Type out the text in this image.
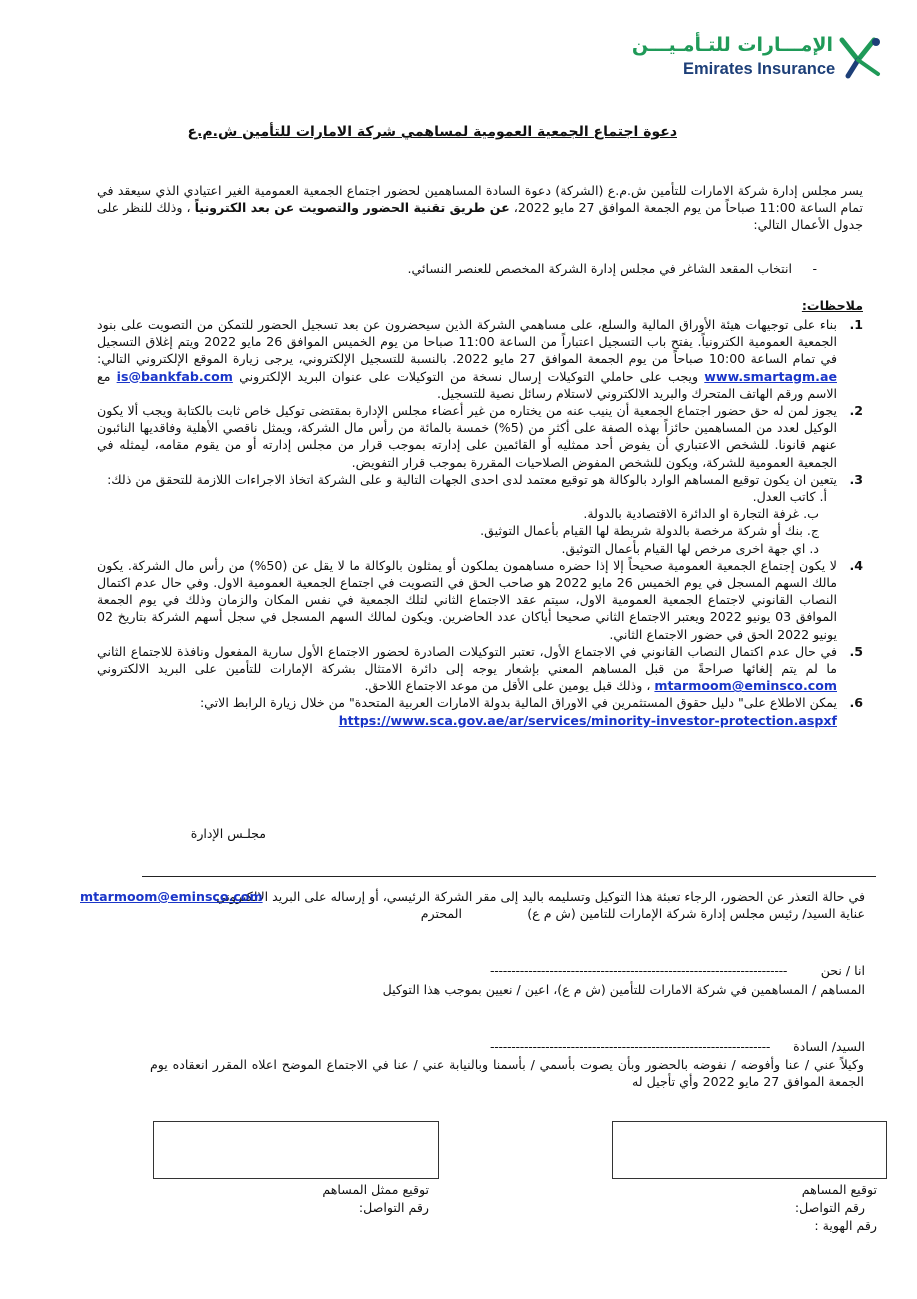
الإمـــارات للتـأمـيـــن
Emirates Insurance
دعوة اجتماع الجمعية العمومية لمساهمي شركة الامارات للتأمين ش.م.ع
يسر مجلس إدارة شركة الامارات للتأمين ش.م.ع (الشركة) دعوة السادة المساهمين لحضور اجتماع الجمعية العمومية الغير اعتيادي الذي سيعقد في تمام الساعة 11:00 صباحاً من يوم الجمعة الموافق 27 مايو 2022، عن طريق تقنية الحضور والتصويت عن بعد الكترونياً ، وذلك للنظر على جدول الأعمال التالي:
-
انتخاب المقعد الشاغر في مجلس إدارة الشركة المخصص للعنصر النسائي.
ملاحظات:
1.
بناء على توجيهات هيئة الأوراق المالية والسلع، على مساهمي الشركة الذين سيحضرون عن بعد تسجيل الحضور للتمكن من التصويت على بنود الجمعية العمومية الكترونياً. يفتح باب التسجيل اعتباراً من الساعة 11:00 صباحا من يوم الخميس الموافق 26 مايو 2022 ويتم إغلاق التسجيل في تمام الساعة 10:00 صباحاً من يوم الجمعة الموافق 27 مايو 2022. بالنسبة للتسجيل الإلكتروني، يرجى زيارة الموقع الإلكتروني التالي: www.smartagm.ae ويجب على حاملي التوكيلات إرسال نسخة من التوكيلات على عنوان البريد الإلكتروني is@bankfab.com مع الاسم ورقم الهاتف المتحرك والبريد الالكتروني لاستلام رسائل نصية للتسجيل.
2.
يجوز لمن له حق حضور اجتماع الجمعية أن ينيب عنه من يختاره من غير أعضاء مجلس الإدارة بمقتضى توكيل خاص ثابت بالكتابة ويجب ألا يكون الوكيل لعدد من المساهمين حائزاً بهذه الصفة على أكثر من (5%) خمسة بالمائة من رأس مال الشركة، ويمثل ناقصي الأهلية وفاقديها النائبون عنهم قانونا. للشخص الاعتباري أن يفوض أحد ممثليه أو القائمين على إدارته بموجب قرار من مجلس إدارته أو من يقوم مقامه، ليمثله في الجمعية العمومية للشركة، ويكون للشخص المفوض الصلاحيات المقررة بموجب قرار التفويض.
3.
يتعين ان يكون توقيع المساهم الوارد بالوكالة هو توقيع معتمد لدى احدى الجهات التالية و على الشركة اتخاذ الاجراءات اللازمة للتحقق من ذلك:
أ. كاتب العدل.
ب. غرفة التجارة او الدائرة الاقتصادية بالدولة.
ج. بنك أو شركة مرخصة بالدولة شريطة لها القيام بأعمال التوثيق.
د. اي جهة اخرى مرخص لها القيام بأعمال التوثيق.
4.
لا يكون إجتماع الجمعية العمومية صحيحاً إلا إذا حضره مساهمون يملكون أو يمثلون بالوكالة ما لا يقل عن (50%) من رأس مال الشركة. يكون مالك السهم المسجل في يوم الخميس 26 مايو 2022 هو صاحب الحق في التصويت في اجتماع الجمعية العمومية الاول. وفي حال عدم اكتمال النصاب القانوني لاجتماع الجمعية العمومية الاول، سيتم عقد الاجتماع الثاني لتلك الجمعية في نفس المكان والزمان وذلك في يوم الجمعة الموافق 03 يونيو 2022 ويعتبر الاجتماع الثاني صحيحا أياكان عدد الحاضرين. ويكون لمالك السهم المسجل في سجل أسهم الشركة بتاريخ 02 يونيو 2022 الحق في حضور الاجتماع الثاني.
5.
في حال عدم اكتمال النصاب القانوني في الاجتماع الأول، تعتبر التوكيلات الصادرة لحضور الاجتماع الأول سارية المفعول ونافذة للاجتماع الثاني ما لم يتم إلغائها صراحةً من قبل المساهم المعني بإشعار يوجه إلى دائرة الامتثال بشركة الإمارات للتأمين على البريد الالكتروني mtarmoom@eminsco.com ، وذلك قبل يومين على الأقل من موعد الاجتماع اللاحق.
6.
يمكن الاطلاع على" دليل حقوق المستثمرين في الاوراق المالية بدولة الامارات العربية المتحدة" من خلال زيارة الرابط الاتي:
https://www.sca.gov.ae/ar/services/minority-investor-protection.aspxf
مجلـس الإدارة
في حالة التعذر عن الحضور، الرجاء تعبئة هذا التوكيل وتسليمه باليد إلى مقر الشركة الرئيسي، أو إرساله على البريد الالكتروني
mtarmoom@eminsco.com
عناية السيد/ رئيس مجلس إدارة شركة الإمارات للتامين (ش م ع)
المحترم
انا / نحن
----------------------------------------------------------------------
المساهم / المساهمين في شركة الامارات للتأمين (ش م ع)، اعين / نعيين بموجب هذا التوكيل
السيد/ السادة
------------------------------------------------------------------
وكيلاً عني / عنا وأفوضه / نفوضه بالحضور وبأن يصوت بأسمي / بأسمنا وبالنيابة عني / عنا في الاجتماع الموضح اعلاه المقرر انعقاده يوم الجمعة الموافق 27 مايو 2022 وأي تأجيل له
توقيع المساهم
رقم التواصل:
رقم الهوية :
توقيع ممثل المساهم
رقم التواصل:
